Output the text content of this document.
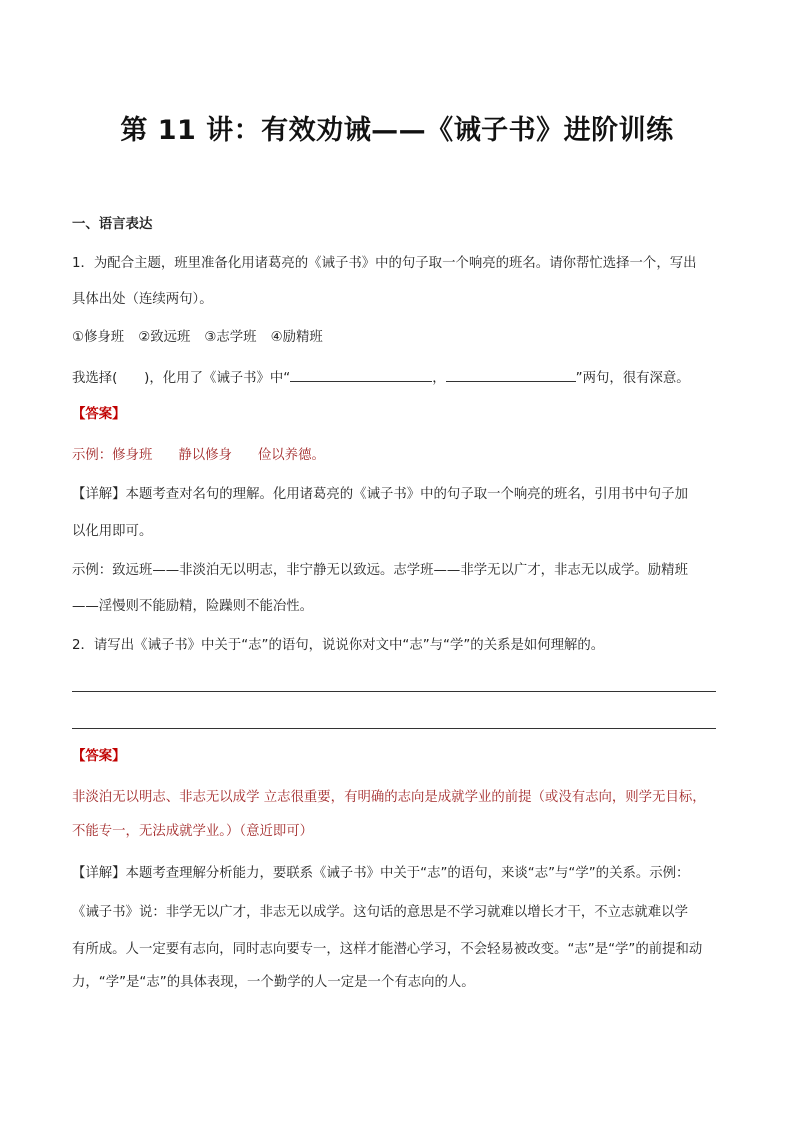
第 11 讲：有效劝诫——《诫子书》进阶训练
一、语言表达
1．为配合主题，班里准备化用诸葛亮的《诫子书》中的句子取一个响亮的班名。请你帮忙选择一个，写出
具体出处（连续两句）。
①修身班 ②致远班 ③志学班 ④励精班
我选择(　　)，化用了《诫子书》中“	，	”两句，很有深意。
【答案】
示例：修身班 静以修身 俭以养德。
【详解】本题考查对名句的理解。化用诸葛亮的《诫子书》中的句子取一个响亮的班名，引用书中句子加
以化用即可。
示例：致远班——非淡泊无以明志，非宁静无以致远。志学班——非学无以广才，非志无以成学。励精班
——淫慢则不能励精，险躁则不能冶性。
2．请写出《诫子书》中关于“志”的语句，说说你对文中“志”与“学”的关系是如何理解的。
【答案】
非淡泊无以明志、非志无以成学 立志很重要，有明确的志向是成就学业的前提（或没有志向，则学无目标，
不能专一，无法成就学业。）（意近即可）
【详解】本题考查理解分析能力，要联系《诫子书》中关于“志”的语句，来谈“志”与“学”的关系。示例：
《诫子书》说：非学无以广才，非志无以成学。这句话的意思是不学习就难以增长才干，不立志就难以学
有所成。人一定要有志向，同时志向要专一，这样才能潜心学习，不会轻易被改变。“志”是“学”的前提和动
力，“学”是“志”的具体表现，一个勤学的人一定是一个有志向的人。
